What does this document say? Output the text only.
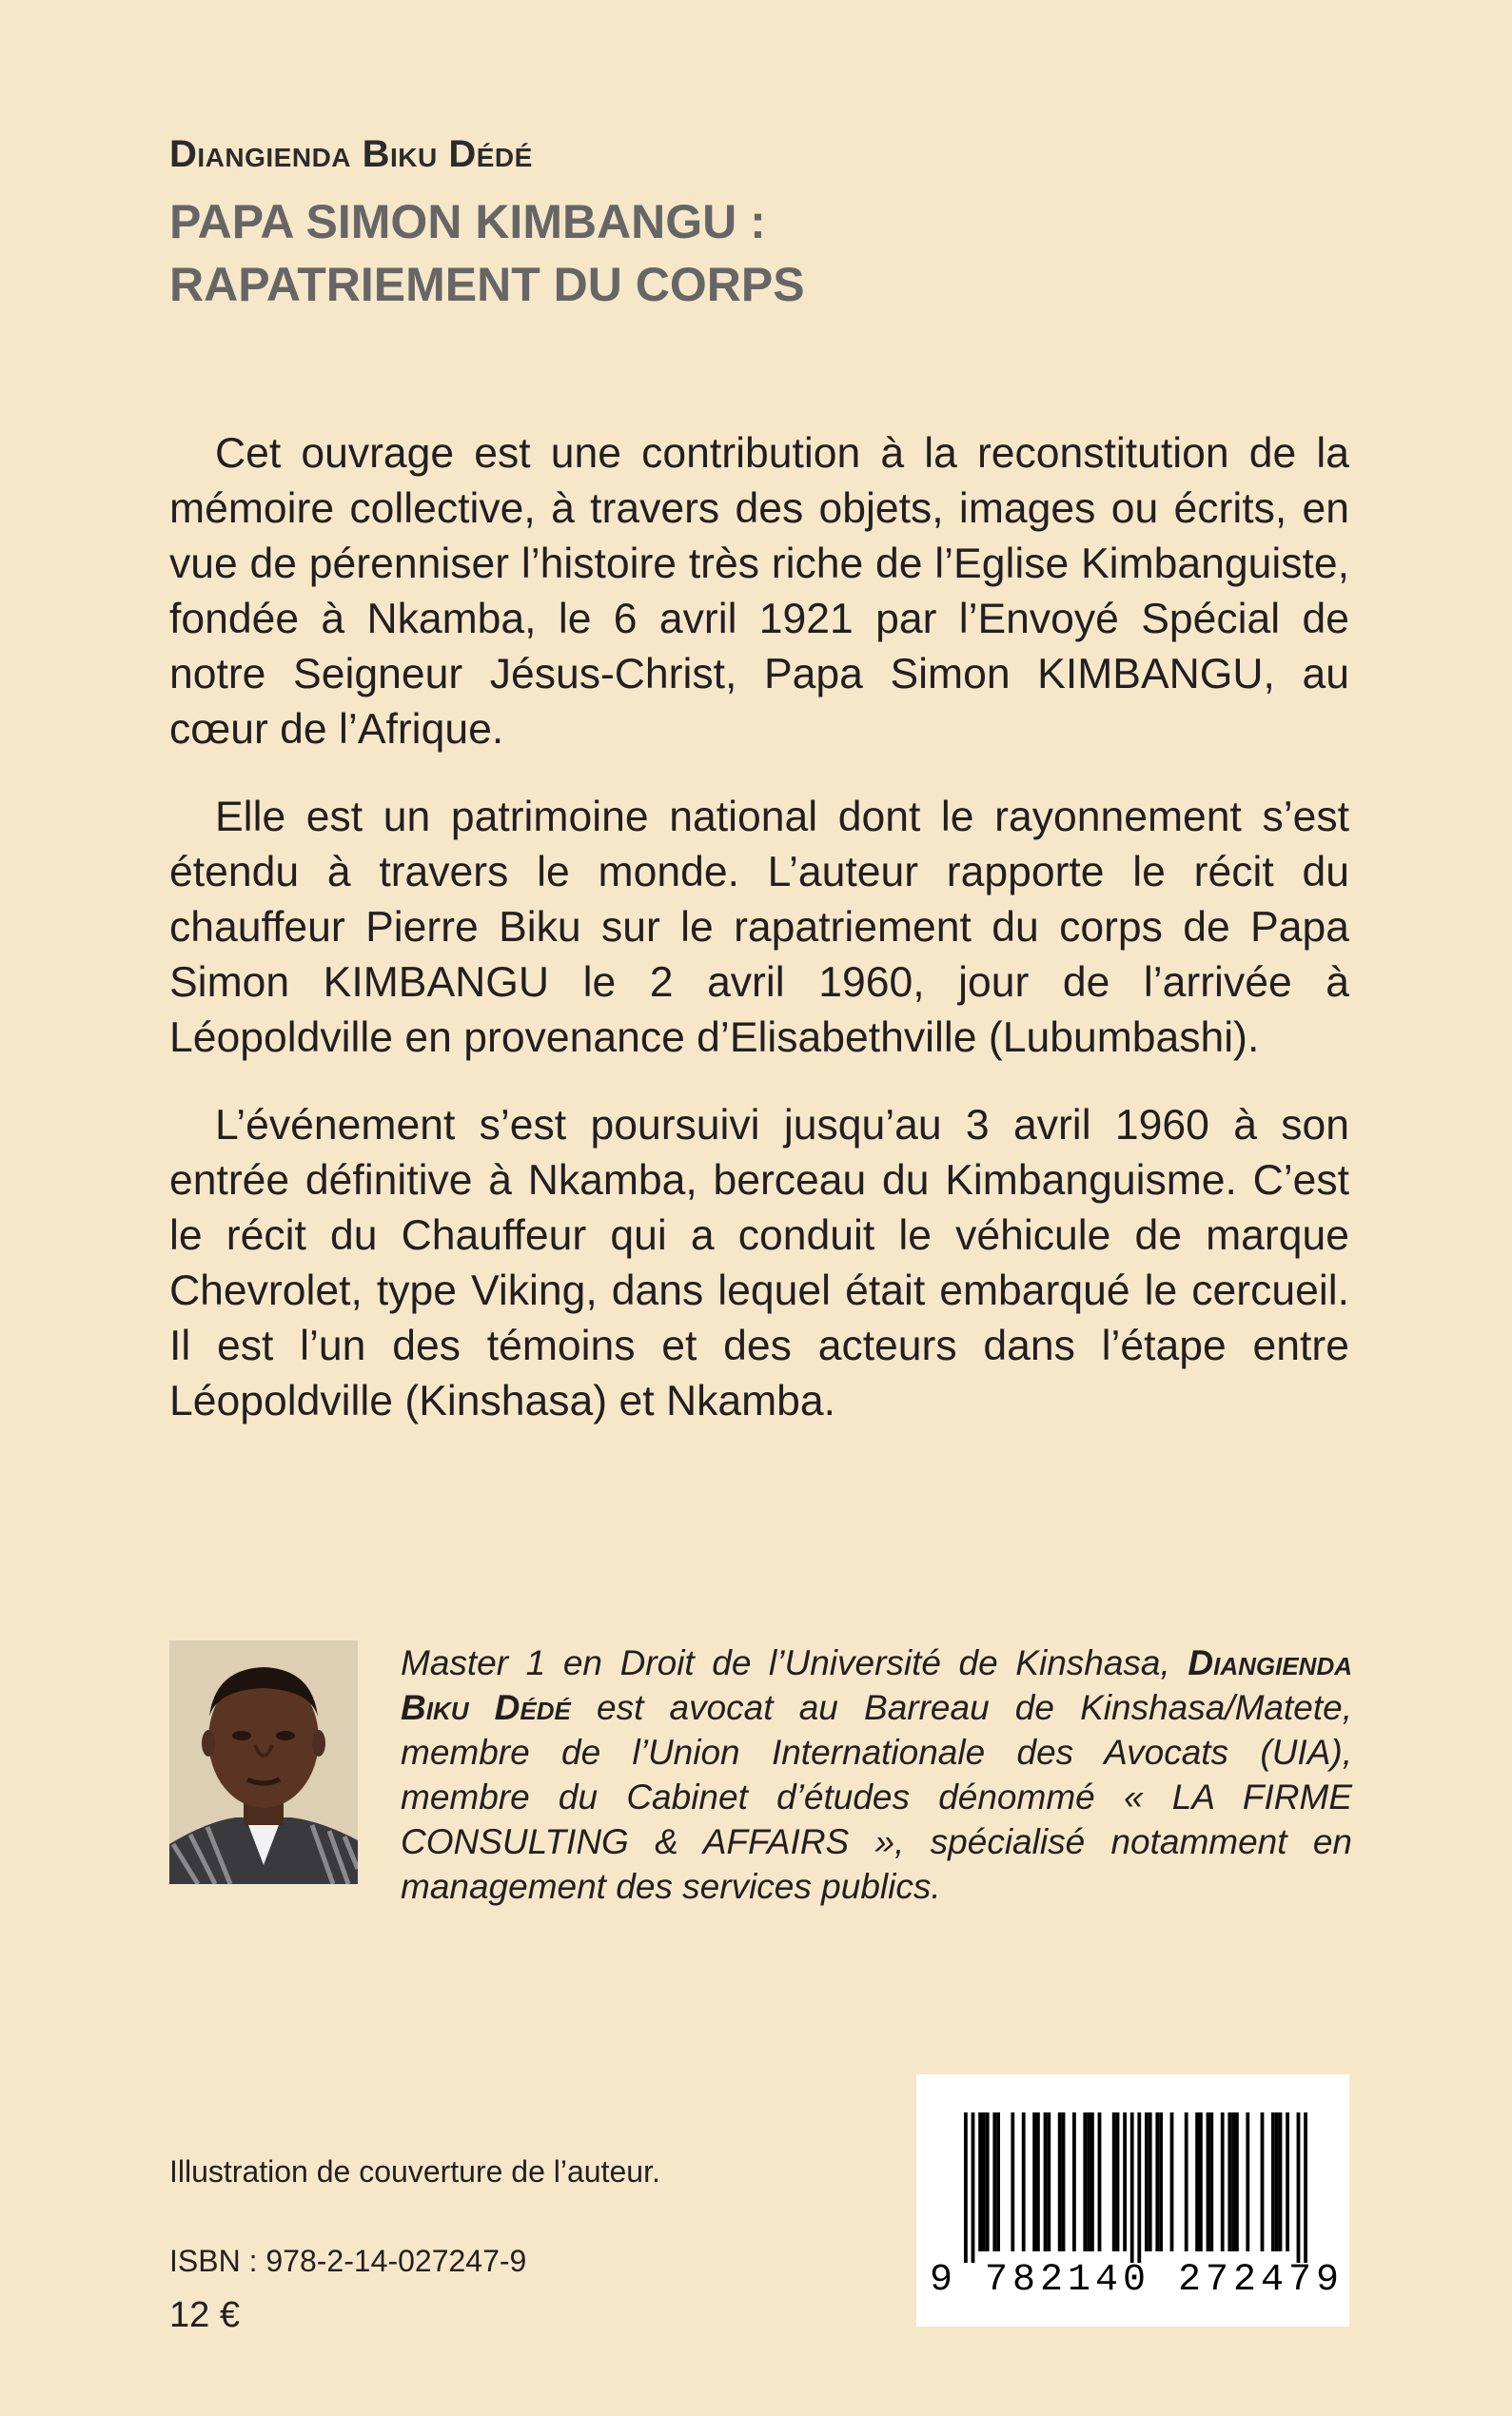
Diangienda Biku Dédé
PAPA SIMON KIMBANGU :
RAPATRIEMENT DU CORPS

Cet ouvrage est une contribution à la reconstitution de la mémoire collective, à travers des objets, images ou écrits, en vue de pérenniser l’histoire très riche de l’Eglise Kimbanguiste, fondée à Nkamba, le 6 avril 1921 par l’Envoyé Spécial de notre Seigneur Jésus-Christ, Papa Simon KIMBANGU, au cœur de l’Afrique.

Elle est un patrimoine national dont le rayonnement s’est étendu à travers le monde. L’auteur rapporte le récit du chauffeur Pierre Biku sur le rapatriement du corps de Papa Simon KIMBANGU le 2 avril 1960, jour de l’arrivée à Léopoldville en provenance d’Elisabethville (Lubumbashi).

L’événement s’est poursuivi jusqu’au 3 avril 1960 à son entrée définitive à Nkamba, berceau du Kimbanguisme. C’est le récit du Chauffeur qui a conduit le véhicule de marque Chevrolet, type Viking, dans lequel était embarqué le cercueil. Il est l’un des témoins et des acteurs dans l’étape entre Léopoldville (Kinshasa) et Nkamba.

Master 1 en Droit de l’Université de Kinshasa, Diangienda Biku Dédé est avocat au Barreau de Kinshasa/Matete, membre de l’Union Internationale des Avocats (UIA), membre du Cabinet d’études dénommé « LA FIRME CONSULTING & AFFAIRS », spécialisé notamment en management des services publics.
Illustration de couverture de l’auteur.
ISBN : 978-2-14-027247-9
12 €
9 782140 272479
